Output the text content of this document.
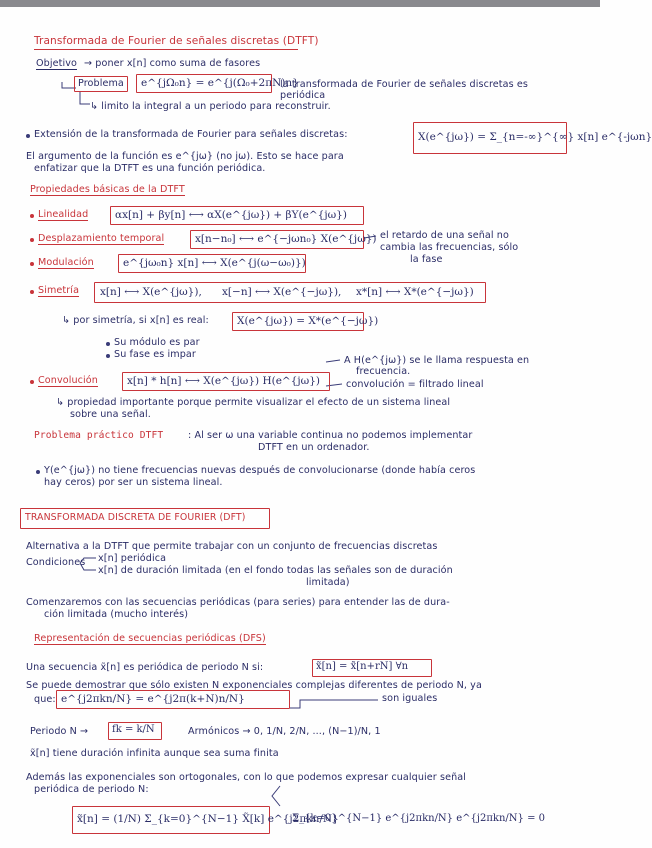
Transformada de Fourier de señales discretas (DTFT)
Objetivo → poner x[n] como suma de fasores
Problema e^{jΩ₀n} = e^{j(Ω₀+2πN)n}
la transformada de Fourier de señales discretas es periódica
↳ limito la integral a un periodo para reconstruir.
Extensión de la transformada de Fourier para señales discretas:	X(e^{jω}) = Σ_{n=-∞}^{∞} x[n] e^{-jωn}
El argumento de la función es e^{jω} (no jω). Esto se hace para
enfatizar que la DTFT es una función periódica.
Propiedades básicas de la DTFT
Linealidad	αx[n] + βy[n] ⟷ αX(e^{jω}) + βY(e^{jω})
Desplazamiento temporal	x[n−n₀] ⟷ e^{−jωn₀} X(e^{jω}) el retardo de una señal no
cambia las frecuencias, sólo
la fase
Modulación	e^{jω₀n} x[n] ⟷ X(e^{j(ω−ω₀)})
Simetría x[n] ⟷ X(e^{jω}), x[−n] ⟷ X(e^{−jω}), x*[n] ⟷ X*(e^{−jω})
↳ por simetría, si x[n] es real:	X(e^{jω}) = X*(e^{−jω})
Su módulo es par
Su fase es impar
Convolución	x[n] * h[n] ⟷ X(e^{jω}) H(e^{jω})
A H(e^{jω}) se le llama respuesta en
frecuencia.
convolución = filtrado lineal
↳ propiedad importante porque permite visualizar el efecto de un sistema lineal
sobre una señal.
Problema práctico DTFT	: Al ser ω una variable continua no podemos implementar
DTFT en un ordenador.
Y(e^{jω}) no tiene frecuencias nuevas después de convolucionarse (donde había ceros
hay ceros) por ser un sistema lineal.
TRANSFORMADA DISCRETA DE FOURIER (DFT)
Alternativa a la DTFT que permite trabajar con un conjunto de frecuencias discretas
Condiciones x[n] periódica
x[n] de duración limitada (en el fondo todas las señales son de duración
limitada)
Comenzaremos con las secuencias periódicas (para series) para entender las de dura-
ción limitada (mucho interés)
Representación de secuencias periódicas (DFS)
Una secuencia x̃[n] es periódica de periodo N si:	x̃[n] = x̃[n+rN] ∀n
Se puede demostrar que sólo existen N exponenciales complejas diferentes de periodo N, ya
que: e^{j2πkn/N} = e^{j2π(k+N)n/N}	son iguales
Periodo N → fk = k/N	Armónicos → 0, 1/N, 2/N, ..., (N−1)/N, 1
x̃[n] tiene duración infinita aunque sea suma finita
Además las exponenciales son ortogonales, con lo que podemos expresar cualquier señal
periódica de periodo N:
x̃[n] = (1/N) Σ_{k=0}^{N−1} X̃[k] e^{j2πkn/N}
Σ_{k=0}^{N−1} e^{j2πkn/N} e^{j2πkn/N} = 0
